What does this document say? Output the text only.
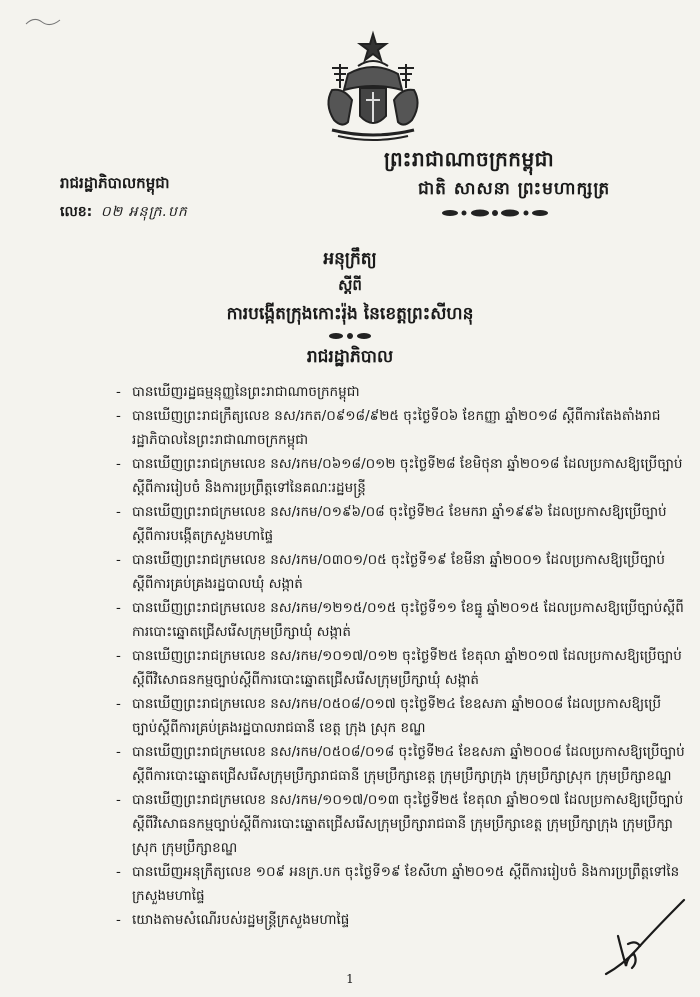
ព្រះរាជាណាចក្រកម្ពុជា
ជាតិ សាសនា ព្រះមហាក្សត្រ
រាជរដ្ឋាភិបាលកម្ពុជា
លេខ: ០២ អនុក្រ.បក
អនុក្រឹត្យ
ស្តីពី
ការបង្កើតក្រុងកោះរ៉ុង នៃខេត្តព្រះសីហនុ
រាជរដ្ឋាភិបាល
- បានឃើញរដ្ឋធម្មនុញ្ញនៃព្រះរាជាណាចក្រកម្ពុជា
- បានឃើញព្រះរាជក្រឹត្យលេខ នស/រកត/០៩១៨/៩២៥ ចុះថ្ងៃទី០៦ ខែកញ្ញា ឆ្នាំ២០១៨ ស្តីពីការតែងតាំងរាជរដ្ឋាភិបាលនៃព្រះរាជាណាចក្រកម្ពុជា
- បានឃើញព្រះរាជក្រមលេខ នស/រកម/០៦១៨/០១២ ចុះថ្ងៃទី២៨ ខែមិថុនា ឆ្នាំ២០១៨ ដែលប្រកាសឱ្យប្រើច្បាប់ស្តីពីការរៀបចំ និងការប្រព្រឹត្តទៅនៃគណៈរដ្ឋមន្ត្រី
- បានឃើញព្រះរាជក្រមលេខ នស/រកម/០១៩៦/០៨ ចុះថ្ងៃទី២៤ ខែមករា ឆ្នាំ១៩៩៦ ដែលប្រកាសឱ្យប្រើច្បាប់ស្តីពីការបង្កើតក្រសួងមហាផ្ទៃ
- បានឃើញព្រះរាជក្រមលេខ នស/រកម/០៣០១/០៥ ចុះថ្ងៃទី១៩ ខែមីនា ឆ្នាំ២០០១ ដែលប្រកាសឱ្យប្រើច្បាប់ស្តីពីការគ្រប់គ្រងរដ្ឋបាលឃុំ សង្កាត់
- បានឃើញព្រះរាជក្រមលេខ នស/រកម/១២១៥/០១៥ ចុះថ្ងៃទី១១ ខែធ្នូ ឆ្នាំ២០១៥ ដែលប្រកាសឱ្យប្រើច្បាប់ស្តីពីការបោះឆ្នោតជ្រើសរើសក្រុមប្រឹក្សាឃុំ សង្កាត់
- បានឃើញព្រះរាជក្រមលេខ នស/រកម/១០១៧/០១២ ចុះថ្ងៃទី២៥ ខែតុលា ឆ្នាំ២០១៧ ដែលប្រកាសឱ្យប្រើច្បាប់ស្តីពីវិសោធនកម្មច្បាប់ស្តីពីការបោះឆ្នោតជ្រើសរើសក្រុមប្រឹក្សាឃុំ សង្កាត់
- បានឃើញព្រះរាជក្រមលេខ នស/រកម/០៥០៨/០១៧ ចុះថ្ងៃទី២៤ ខែឧសភា ឆ្នាំ២០០៨ ដែលប្រកាសឱ្យប្រើច្បាប់ស្តីពីការគ្រប់គ្រងរដ្ឋបាលរាជធានី ខេត្ត ក្រុង ស្រុក ខណ្ឌ
- បានឃើញព្រះរាជក្រមលេខ នស/រកម/០៥០៨/០១៨ ចុះថ្ងៃទី២៤ ខែឧសភា ឆ្នាំ២០០៨ ដែលប្រកាសឱ្យប្រើច្បាប់ស្តីពីការបោះឆ្នោតជ្រើសរើសក្រុមប្រឹក្សារាជធានី ក្រុមប្រឹក្សាខេត្ត ក្រុមប្រឹក្សាក្រុង ក្រុមប្រឹក្សាស្រុក ក្រុមប្រឹក្សាខណ្ឌ
- បានឃើញព្រះរាជក្រមលេខ នស/រកម/១០១៧/០១៣ ចុះថ្ងៃទី២៥ ខែតុលា ឆ្នាំ២០១៧ ដែលប្រកាសឱ្យប្រើច្បាប់ស្តីពីវិសោធនកម្មច្បាប់ស្តីពីការបោះឆ្នោតជ្រើសរើសក្រុមប្រឹក្សារាជធានី ក្រុមប្រឹក្សាខេត្ត ក្រុមប្រឹក្សាក្រុង ក្រុមប្រឹក្សាស្រុក ក្រុមប្រឹក្សាខណ្ឌ
- បានឃើញអនុក្រឹត្យលេខ ១០៩ អនក្រ.បក ចុះថ្ងៃទី១៩ ខែសីហា ឆ្នាំ២០១៥ ស្តីពីការរៀបចំ និងការប្រព្រឹត្តទៅនៃក្រសួងមហាផ្ទៃ
- យោងតាមសំណើរបស់រដ្ឋមន្ត្រីក្រសួងមហាផ្ទៃ
1
